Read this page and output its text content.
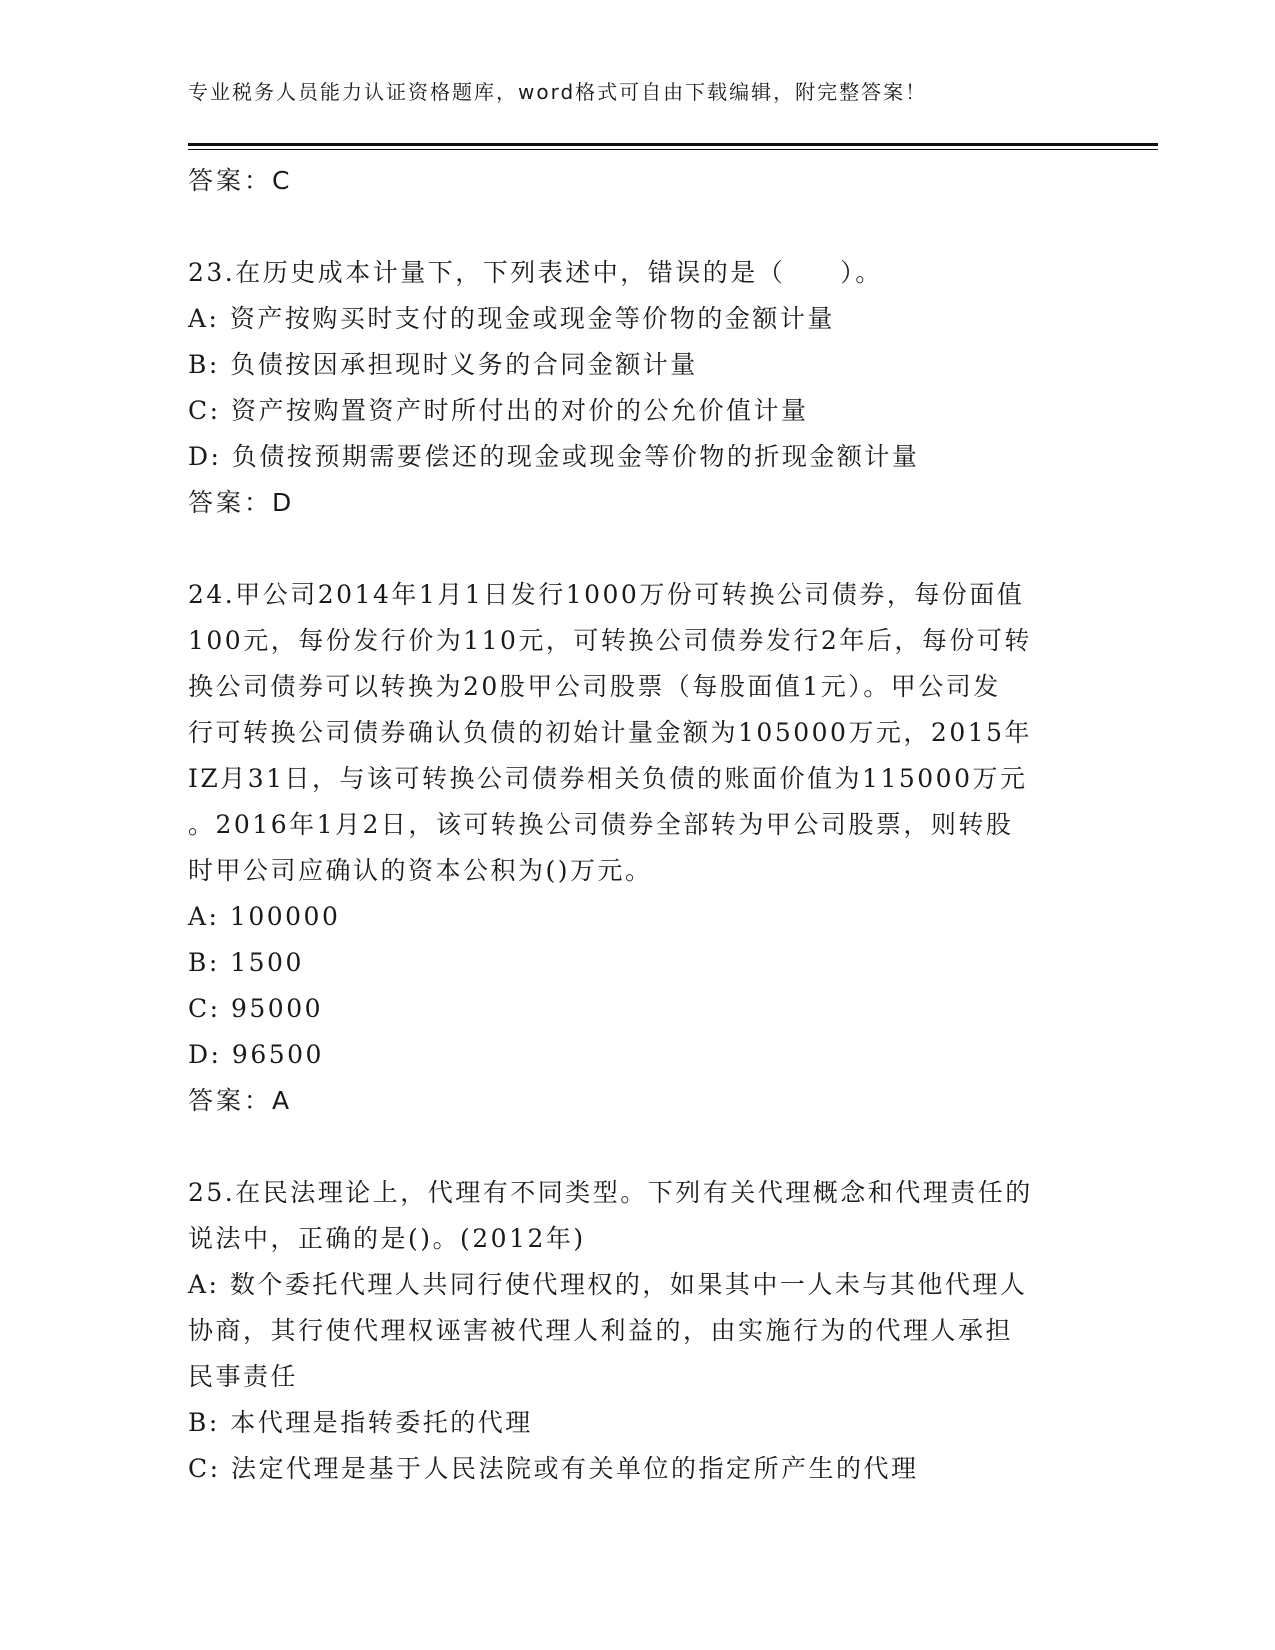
专业税务人员能力认证资格题库，word格式可自由下载编辑，附完整答案！
答案：C
23.在历史成本计量下，下列表述中，错误的是（　　）。
A: 资产按购买时支付的现金或现金等价物的金额计量
B: 负债按因承担现时义务的合同金额计量
C: 资产按购置资产时所付出的对价的公允价值计量
D: 负债按预期需要偿还的现金或现金等价物的折现金额计量
答案：D
24.甲公司2014年1月1日发行1000万份可转换公司债券，每份面值
100元，每份发行价为110元，可转换公司债券发行2年后，每份可转
换公司债券可以转换为20股甲公司股票（每股面值1元）。甲公司发
行可转换公司债券确认负债的初始计量金额为105000万元，2015年
IZ月31日，与该可转换公司债券相关负债的账面价值为115000万元
。2016年1月2日，该可转换公司债券全部转为甲公司股票，则转股
时甲公司应确认的资本公积为()万元。
A: 100000
B: 1500
C: 95000
D: 96500
答案：A
25.在民法理论上，代理有不同类型。下列有关代理概念和代理责任的
说法中，正确的是()。(2012年)
A: 数个委托代理人共同行使代理权的，如果其中一人未与其他代理人
协商，其行使代理权诬害被代理人利益的，由实施行为的代理人承担
民事责任
B: 本代理是指转委托的代理
C: 法定代理是基于人民法院或有关单位的指定所产生的代理
